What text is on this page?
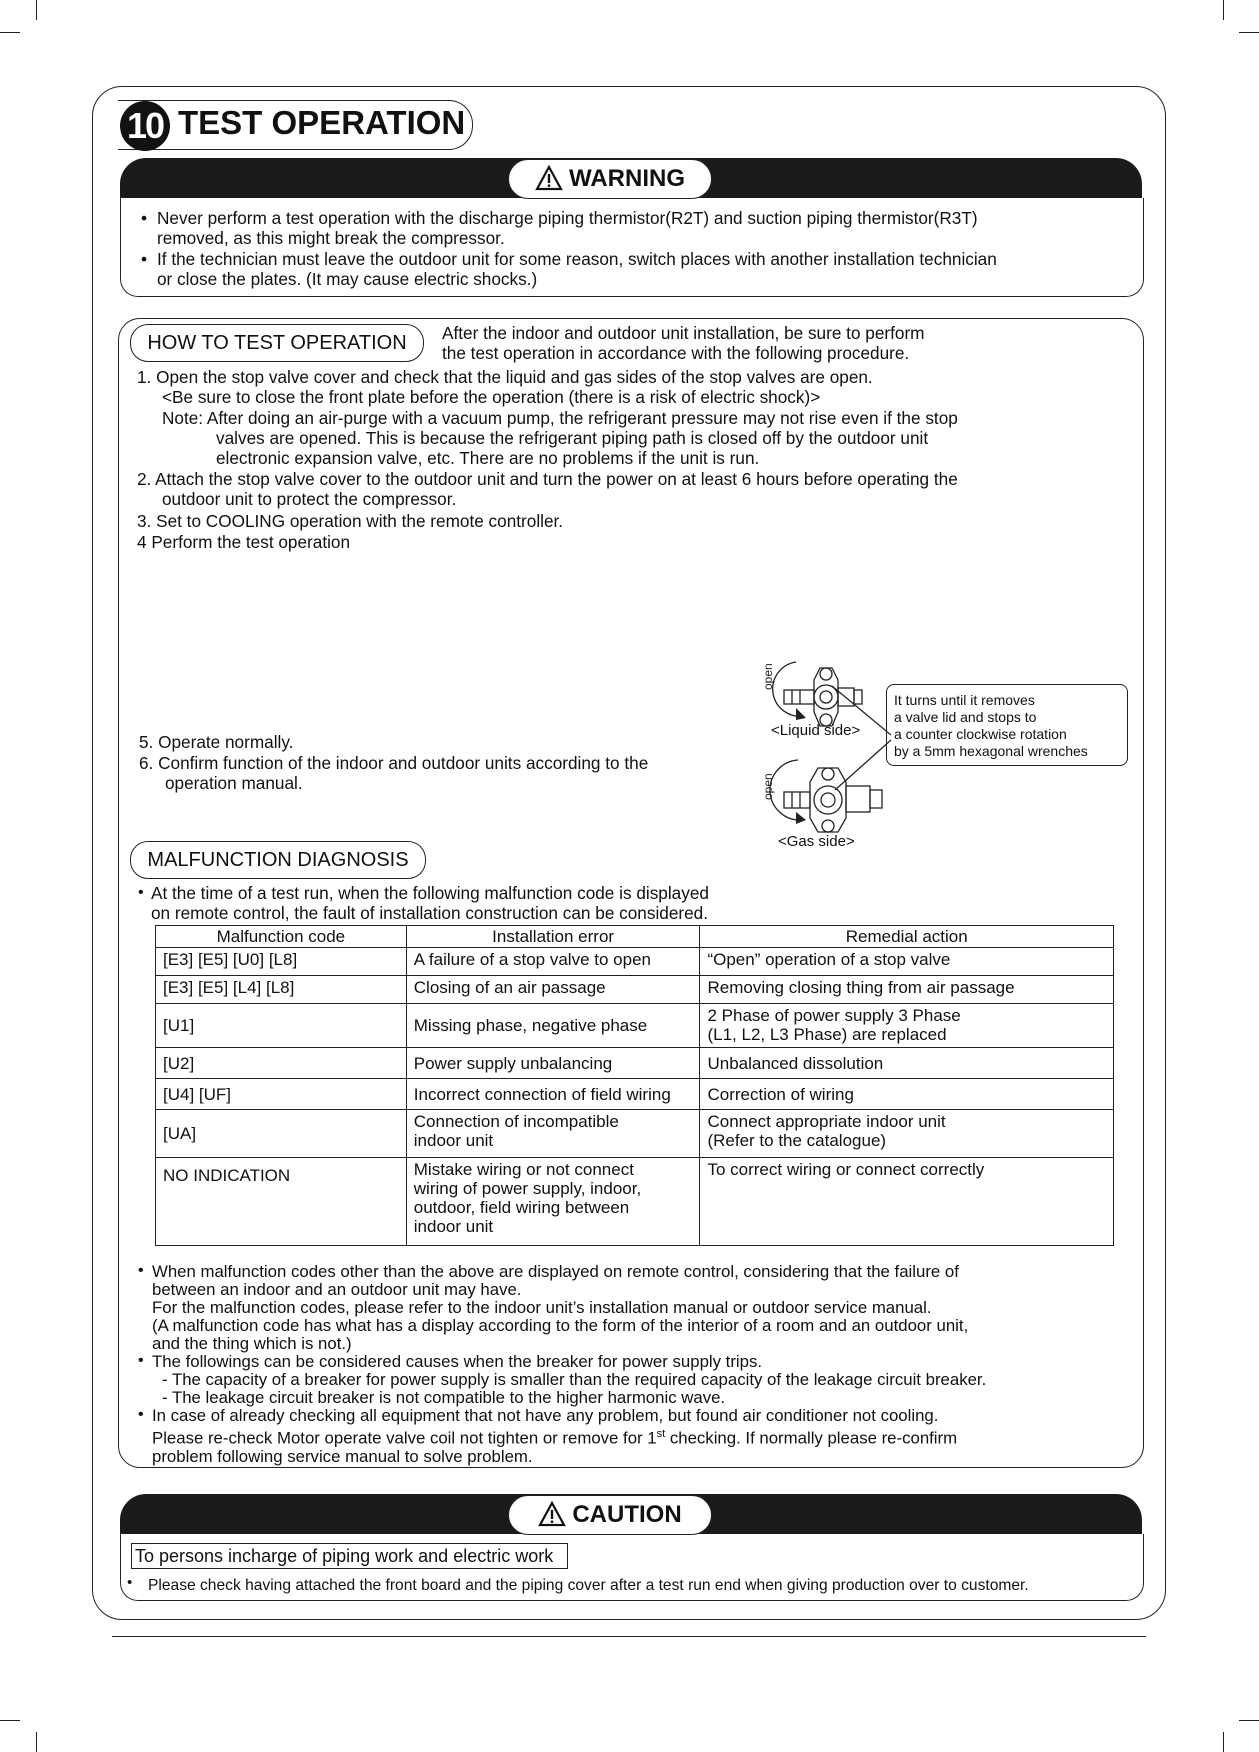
10 TEST OPERATION
WARNING
• Never perform a test operation with the discharge piping thermistor(R2T) and suction piping thermistor(R3T)
removed, as this might break the compressor.
• If the technician must leave the outdoor unit for some reason, switch places with another installation technician
or close the plates. (It may cause electric shocks.)
HOW TO TEST OPERATION	After the indoor and outdoor unit installation, be sure to perform
the test operation in accordance with the following procedure.
1. Open the stop valve cover and check that the liquid and gas sides of the stop valves are open.
<Be sure to close the front plate before the operation (there is a risk of electric shock)>
Note: After doing an air-purge with a vacuum pump, the refrigerant pressure may not rise even if the stop
valves are opened. This is because the refrigerant piping path is closed off by the outdoor unit
electronic expansion valve, etc. There are no problems if the unit is run.
2. Attach the stop valve cover to the outdoor unit and turn the power on at least 6 hours before operating the
outdoor unit to protect the compressor.
3. Set to COOLING operation with the remote controller.
4 Perform the test operation
5. Operate normally.
6. Confirm function of the indoor and outdoor units according to the
operation manual.
open
open
<Liquid side>
<Gas side>
It turns until it removes
a valve lid and stops to
a counter clockwise rotation
by a 5mm hexagonal wrenches
MALFUNCTION DIAGNOSIS
At the time of a test run, when the following malfunction code is displayed
on remote control, the fault of installation construction can be considered.
•
Malfunction code	Installation error	Remedial action
[E3] [E5] [U0] [L8]	A failure of a stop valve to open	“Open” operation of a stop valve
[E3] [E5] [L4] [L8]	Closing of an air passage	Removing closing thing from air passage
[U1]	Missing phase, negative phase	2 Phase of power supply 3 Phase
(L1, L2, L3 Phase) are replaced
[U2]	Power supply unbalancing	Unbalanced dissolution
[U4] [UF]	Incorrect connection of field wiring	Correction of wiring
[UA]	Connection of incompatible
indoor unit	Connect appropriate indoor unit
(Refer to the catalogue)
NO INDICATION	Mistake wiring or not connect
wiring of power supply, indoor,
outdoor, field wiring between
indoor unit	To correct wiring or connect correctly
When malfunction codes other than the above are displayed on remote control, considering that the failure of
between an indoor and an outdoor unit may have.
For the malfunction codes, please refer to the indoor unit’s installation manual or outdoor service manual.
(A malfunction code has what has a display according to the form of the interior of a room and an outdoor unit,
and the thing which is not.)
•
The followings can be considered causes when the breaker for power supply trips.
- The capacity of a breaker for power supply is smaller than the required capacity of the leakage circuit breaker.
- The leakage circuit breaker is not compatible to the higher harmonic wave.
•
In case of already checking all equipment that not have any problem, but found air conditioner not cooling.
Please re-check Motor operate valve coil not tighten or remove for 1st checking. If normally please re-confirm
problem following service manual to solve problem.
•
CAUTION
To persons incharge of piping work and electric work
Please check having attached the front board and the piping cover after a test run end when giving production over to customer.
•
